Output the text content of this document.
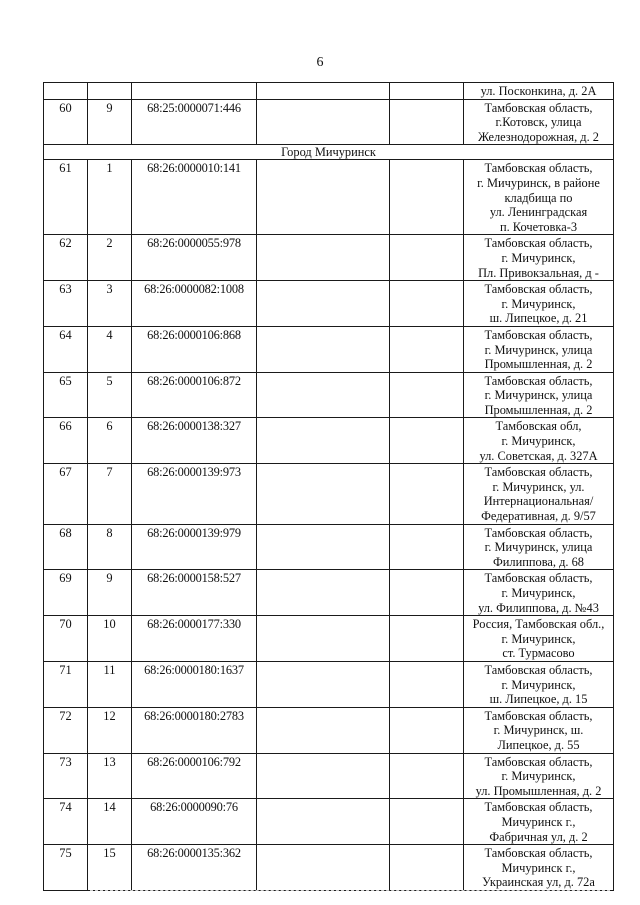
6

					ул. Посконкина, д. 2А

60	9	68:25:0000071:446			Тамбовская область,
г.Котовск, улица
Железнодорожная, д. 2

Город Мичуринск					
61	1	68:26:0000010:141			Тамбовская область,
г. Мичуринск, в районе
кладбища по
ул. Ленинградская
п. Кочетовка-3

62	2	68:26:0000055:978			Тамбовская область,
г. Мичуринск,
Пл. Привокзальная, д -

63	3	68:26:0000082:1008			Тамбовская область,
г. Мичуринск,
ш. Липецкое, д. 21

64	4	68:26:0000106:868			Тамбовская область,
г. Мичуринск, улица
Промышленная, д. 2

65	5	68:26:0000106:872			Тамбовская область,
г. Мичуринск, улица
Промышленная, д. 2

66	6	68:26:0000138:327			Тамбовская обл,
г. Мичуринск,
ул. Советская, д. 327А

67	7	68:26:0000139:973			Тамбовская область,
г. Мичуринск, ул.
Интернациональная/
Федеративная, д. 9/57

68	8	68:26:0000139:979			Тамбовская область,
г. Мичуринск, улица
Филиппова, д. 68

69	9	68:26:0000158:527			Тамбовская область,
г. Мичуринск,
ул. Филиппова, д. №43

70	10	68:26:0000177:330			Россия, Тамбовская обл.,
г. Мичуринск,
ст. Турмасово

71	11	68:26:0000180:1637			Тамбовская область,
г. Мичуринск,
ш. Липецкое, д. 15

72	12	68:26:0000180:2783			Тамбовская область,
г. Мичуринск, ш.
Липецкое, д. 55

73	13	68:26:0000106:792			Тамбовская область,
г. Мичуринск,
ул. Промышленная, д. 2

74	14	68:26:0000090:76			Тамбовская область,
Мичуринск г.,
Фабричная ул, д. 2

75	15	68:26:0000135:362			Тамбовская область,
Мичуринск г.,
Украинская ул, д. 72а
